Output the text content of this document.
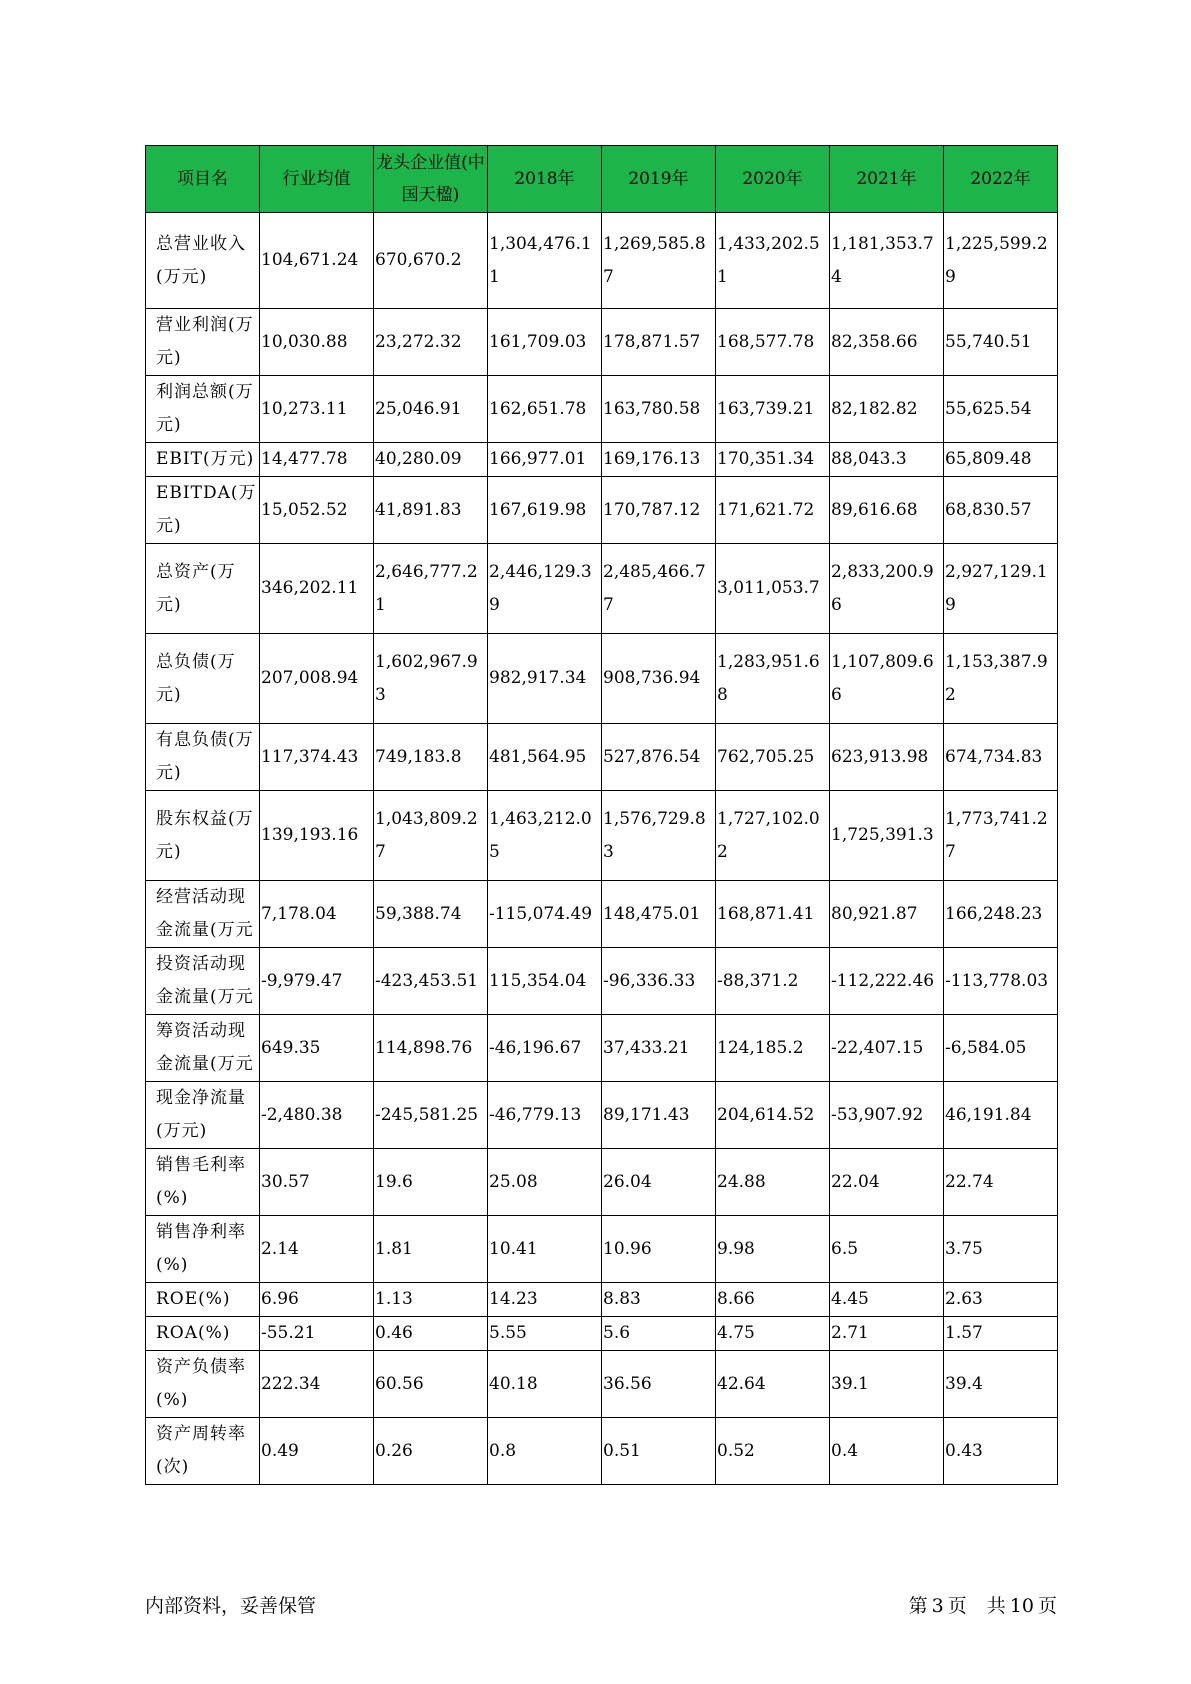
项目名	行业均值	龙头企业值(中国天楹)	2018年	2019年	2020年	2021年	2022年
总营业收入(万元)	104,671.24	670,670.2	1,304,476.11	1,269,585.87	1,433,202.51	1,181,353.74	1,225,599.29
营业利润(万元)	10,030.88	23,272.32	161,709.03	178,871.57	168,577.78	82,358.66	55,740.51
利润总额(万元)	10,273.11	25,046.91	162,651.78	163,780.58	163,739.21	82,182.82	55,625.54
EBIT(万元)	14,477.78	40,280.09	166,977.01	169,176.13	170,351.34	88,043.3	65,809.48
EBITDA(万元)	15,052.52	41,891.83	167,619.98	170,787.12	171,621.72	89,616.68	68,830.57
总资产(万元)	346,202.11	2,646,777.21	2,446,129.39	2,485,466.77	3,011,053.7	2,833,200.96	2,927,129.19
总负债(万元)	207,008.94	1,602,967.93	982,917.34	908,736.94	1,283,951.68	1,107,809.66	1,153,387.92
有息负债(万元)	117,374.43	749,183.8	481,564.95	527,876.54	762,705.25	623,913.98	674,734.83
股东权益(万元)	139,193.16	1,043,809.27	1,463,212.05	1,576,729.83	1,727,102.02	1,725,391.3	1,773,741.27
经营活动现金流量(万元	7,178.04	59,388.74	-115,074.49	148,475.01	168,871.41	80,921.87	166,248.23
投资活动现金流量(万元	-9,979.47	-423,453.51	115,354.04	-96,336.33	-88,371.2	-112,222.46	-113,778.03
筹资活动现金流量(万元	649.35	114,898.76	-46,196.67	37,433.21	124,185.2	-22,407.15	-6,584.05
现金净流量(万元)	-2,480.38	-245,581.25	-46,779.13	89,171.43	204,614.52	-53,907.92	46,191.84
销售毛利率(%)	30.57	19.6	25.08	26.04	24.88	22.04	22.74
销售净利率(%)	2.14	1.81	10.41	10.96	9.98	6.5	3.75
ROE(%)	6.96	1.13	14.23	8.83	8.66	4.45	2.63
ROA(%)	-55.21	0.46	5.55	5.6	4.75	2.71	1.57
资产负债率(%)	222.34	60.56	40.18	36.56	42.64	39.1	39.4
资产周转率(次)	0.49	0.26	0.8	0.51	0.52	0.4	0.43
内部资料，妥善保管	第 3 页 共 10 页
